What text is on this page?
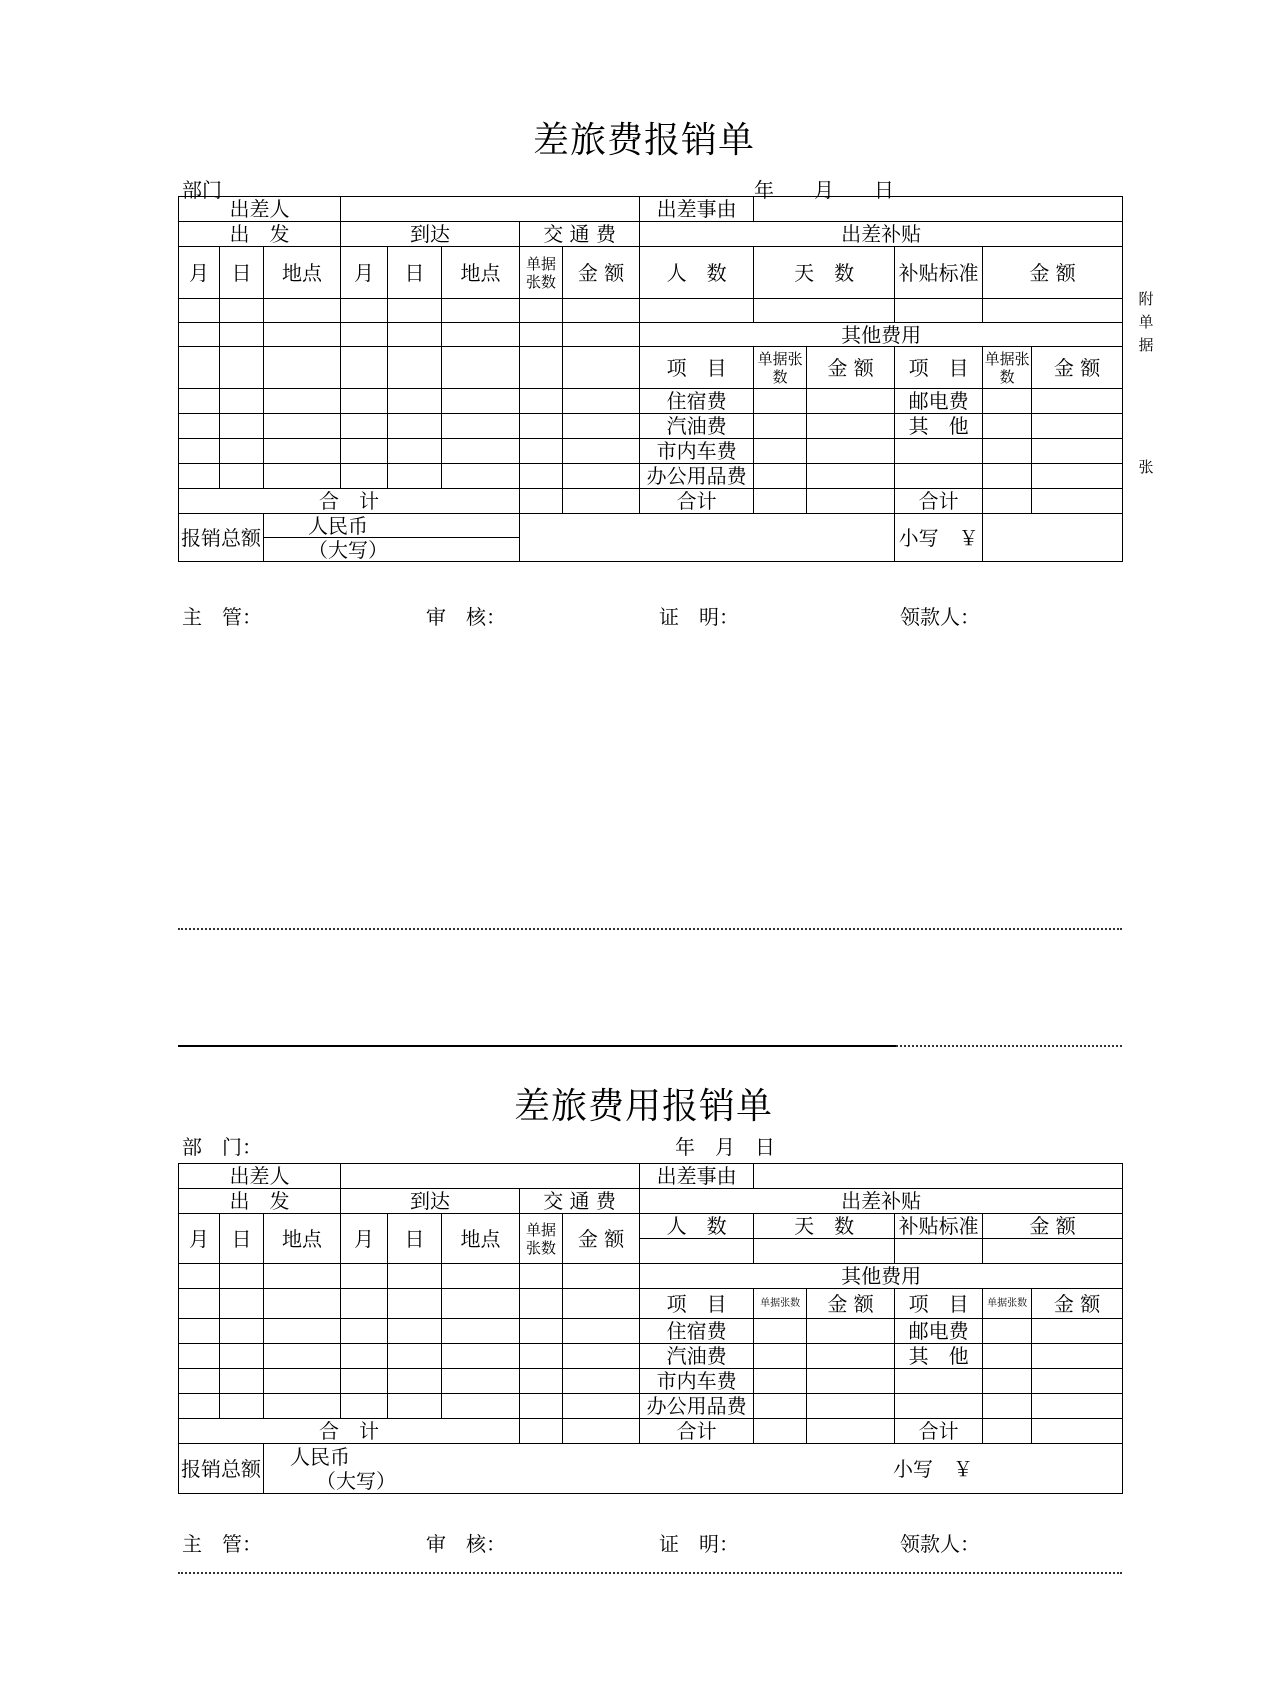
差旅费报销单
部门	年　　月　　日
出差人								出差事由					
出　发			到达			交 通 费		出差补贴					
月	日	地点	月	日	地点	单据张数	金 额	人　数	天　数		补贴标准	金 额	

								其他费用					
								项　目	单据张数	金 额	项　目	单据张数	金 额
								住宿费			邮电费		
								汽油费			其　他		
								市内车费					
								办公用品费					
合　计								合计			合计		
报销总额		人民币									小写　￥		
		（大写）											
附单据
张
主　管：	审　核：	证　明：	领款人：
差旅费用报销单
部　门：	年　月　日
出差人								出差事由					
出　发			到达			交 通 费		出差补贴					
月	日	地点	月	日	地点	单据张数	金 额	人　数	天　数		补贴标准	金 额	

								其他费用					
								项　目	单据张数	金 额	项　目	单据张数	金 额
								住宿费			邮电费		
								汽油费			其　他		
								市内车费					
								办公用品费					
合　计								合计			合计		
报销总额		人民币
（大写） 小写　￥											
主　管：	审　核：	证　明：	领款人：
